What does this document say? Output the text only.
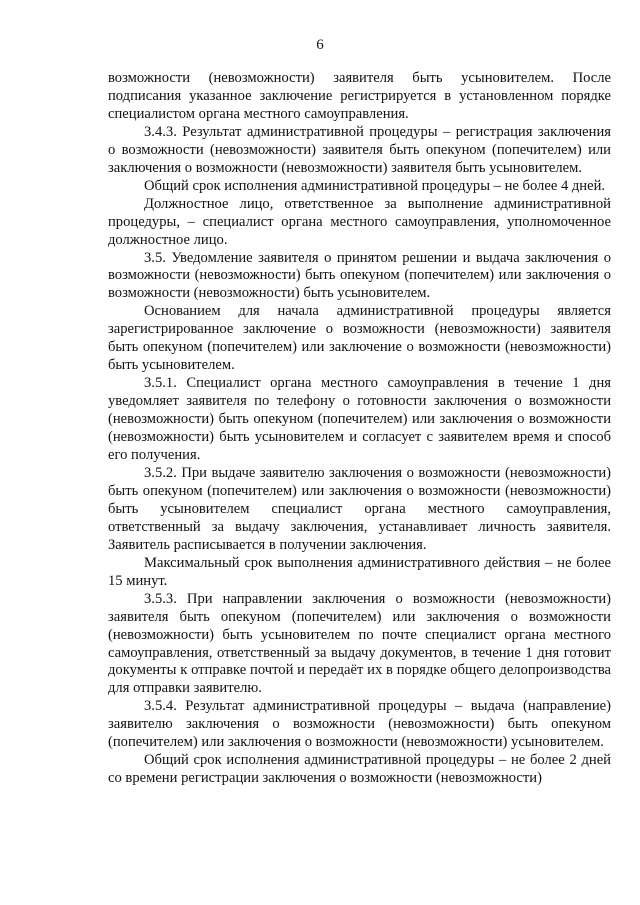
6

возможности (невозможности) заявителя быть усыновителем. После подписания указанное заключение регистрируется в установленном порядке специалистом органа местного самоуправления.

3.4.3. Результат административной процедуры – регистрация заключения о возможности (невозможности) заявителя быть опекуном (попечителем) или заключения о возможности (невозможности) заявителя быть усыновителем.

Общий срок исполнения административной процедуры – не более 4 дней.

Должностное лицо, ответственное за выполнение административной процедуры, – специалист органа местного самоуправления, уполномоченное должностное лицо.

3.5. Уведомление заявителя о принятом решении и выдача заключения о возможности (невозможности) быть опекуном (попечителем) или заключения о возможности (невозможности) быть усыновителем.

Основанием для начала административной процедуры является зарегистрированное заключение о возможности (невозможности) заявителя быть опекуном (попечителем) или заключение о возможности (невозможности) быть усыновителем.

3.5.1. Специалист органа местного самоуправления в течение 1 дня уведомляет заявителя по телефону о готовности заключения о возможности (невозможности) быть опекуном (попечителем) или заключения о возможности (невозможности) быть усыновителем и согласует с заявителем время и способ его получения.

3.5.2. При выдаче заявителю заключения о возможности (невозможности) быть опекуном (попечителем) или заключения о возможности (невозможности) быть усыновителем специалист органа местного самоуправления, ответственный за выдачу заключения, устанавливает личность заявителя. Заявитель расписывается в получении заключения.

Максимальный срок выполнения административного действия – не более 15 минут.

3.5.3. При направлении заключения о возможности (невозможности) заявителя быть опекуном (попечителем) или заключения о возможности (невозможности) быть усыновителем по почте специалист органа местного самоуправления, ответственный за выдачу документов, в течение 1 дня готовит документы к отправке почтой и передаёт их в порядке общего делопроизводства для отправки заявителю.

3.5.4. Результат административной процедуры – выдача (направление) заявителю заключения о возможности (невозможности) быть опекуном (попечителем) или заключения о возможности (невозможности) усыновителем.

Общий срок исполнения административной процедуры – не более 2 дней со времени регистрации заключения о возможности (невозможности)
